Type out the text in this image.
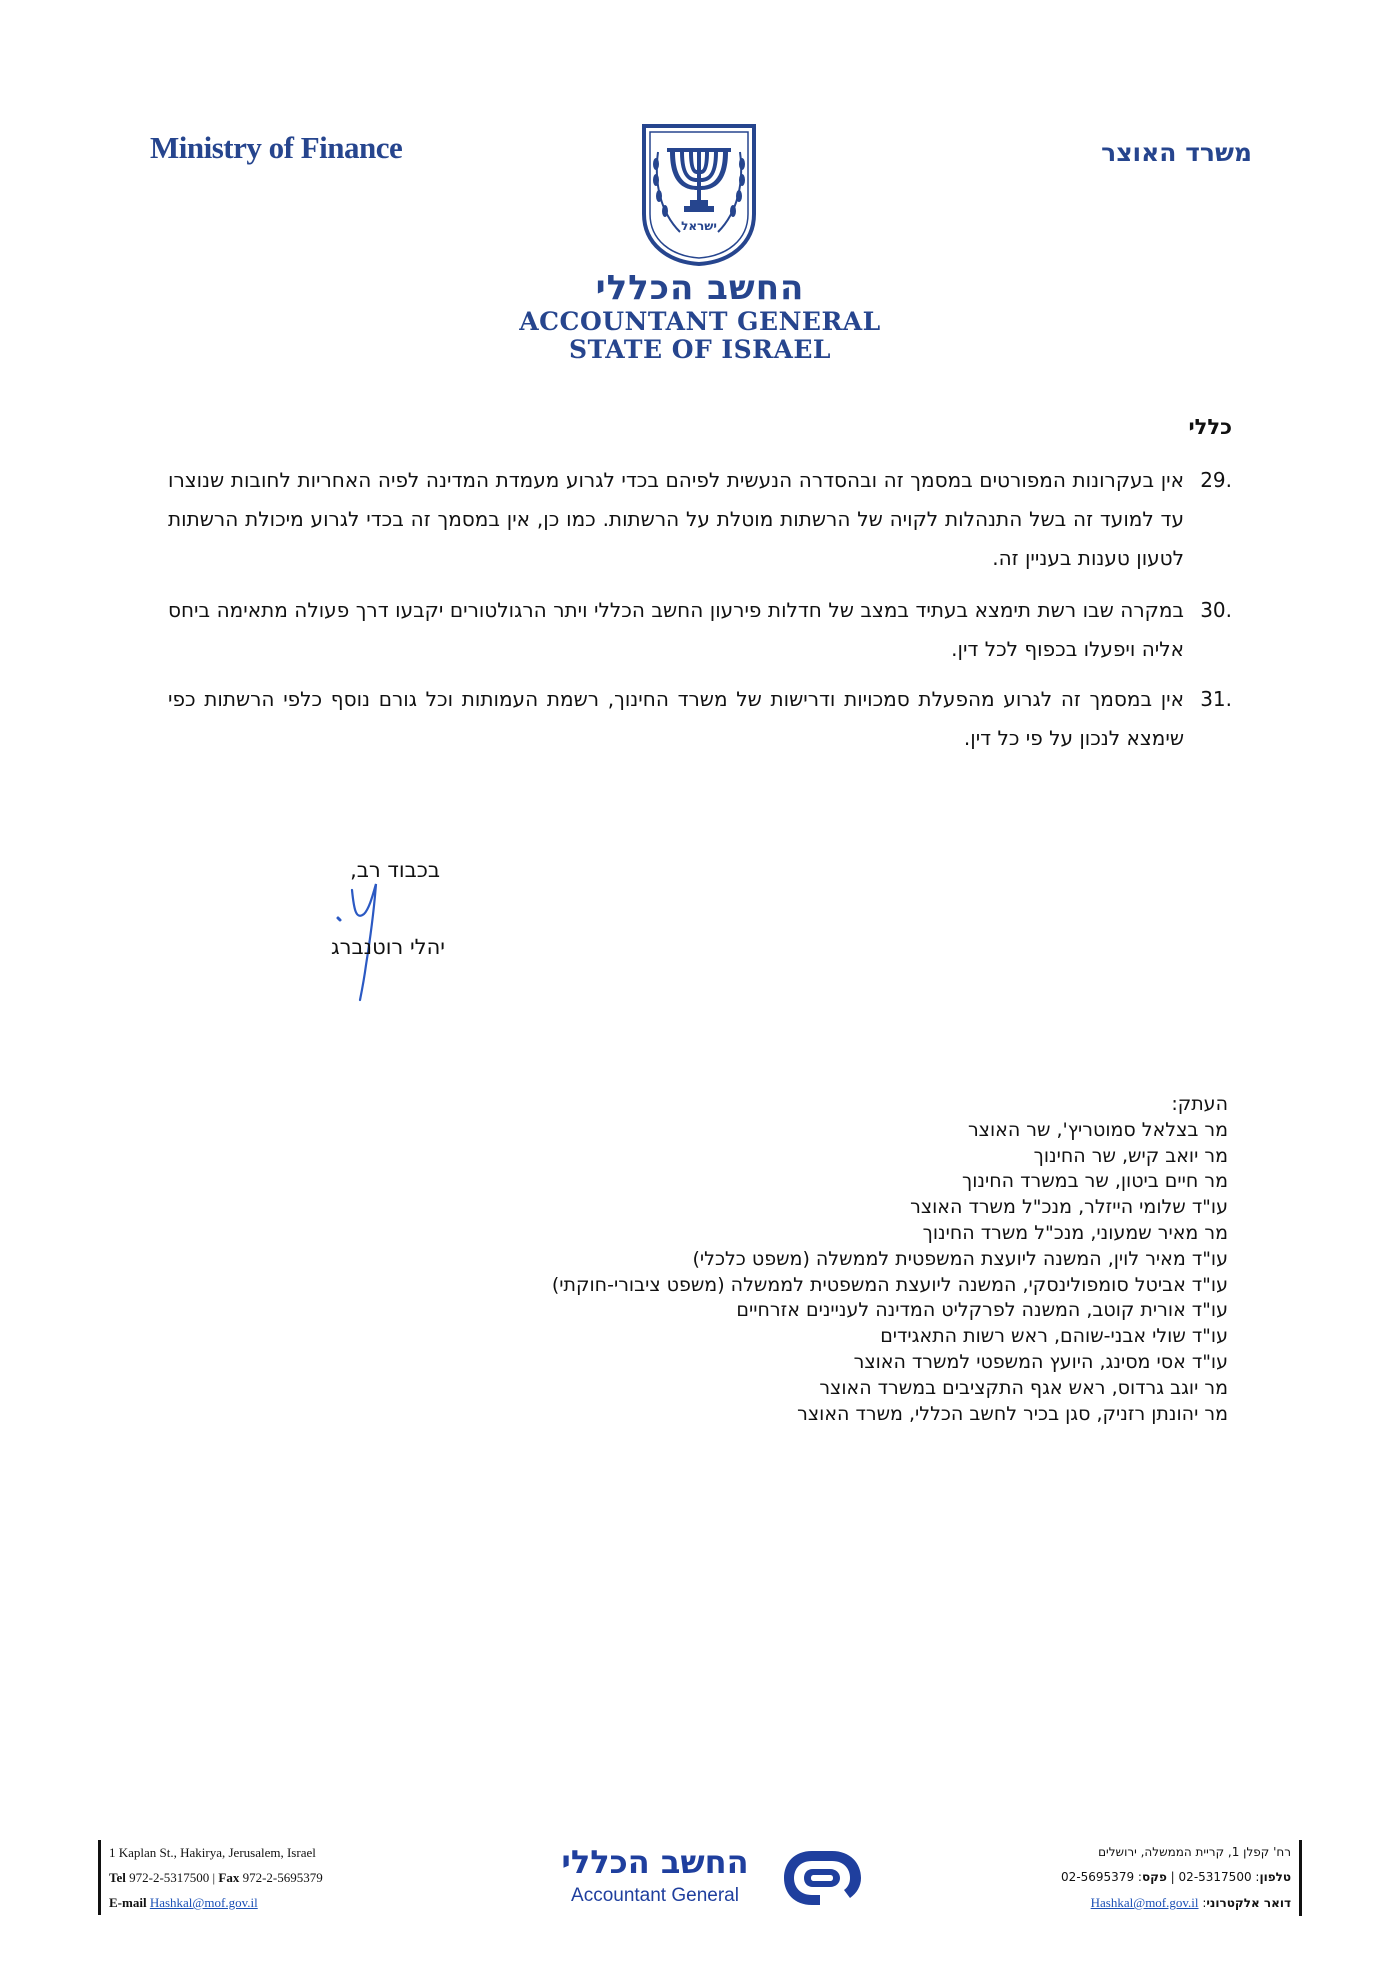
Ministry of Finance	משרד האוצר
ישראל
החשב הכללי
ACCOUNTANT GENERAL
STATE OF ISRAEL
כללי
29.
אין בעקרונות המפורטים במסמך זה ובהסדרה הנעשית לפיהם בכדי לגרוע מעמדת המדינה לפיה האחריות לחובות שנוצרו עד למועד זה בשל התנהלות לקויה של הרשתות מוטלת על הרשתות. כמו כן, אין במסמך זה בכדי לגרוע מיכולת הרשתות לטעון טענות בעניין זה.
30.
במקרה שבו רשת תימצא בעתיד במצב של חדלות פירעון החשב הכללי ויתר הרגולטורים יקבעו דרך פעולה מתאימה ביחס אליה ויפעלו בכפוף לכל דין.
31.
אין במסמך זה לגרוע מהפעלת סמכויות ודרישות של משרד החינוך, רשמת העמותות וכל גורם נוסף כלפי הרשתות כפי שימצא לנכון על פי כל דין.
בכבוד רב,
יהלי רוטנברג
העתק:
מר בצלאל סמוטריץ', שר האוצר
מר יואב קיש, שר החינוך
מר חיים ביטון, שר במשרד החינוך
עו"ד שלומי הייזלר, מנכ"ל משרד האוצר
מר מאיר שמעוני, מנכ"ל משרד החינוך
עו"ד מאיר לוין, המשנה ליועצת המשפטית לממשלה (משפט כלכלי)
עו"ד אביטל סומפולינסקי, המשנה ליועצת המשפטית לממשלה (משפט ציבורי-חוקתי)
עו"ד אורית קוטב, המשנה לפרקליט המדינה לעניינים אזרחיים
עו"ד שולי אבני-שוהם, ראש רשות התאגידים
עו"ד אסי מסינג, היועץ המשפטי למשרד האוצר
מר יוגב גרדוס, ראש אגף התקציבים במשרד האוצר
מר יהונתן רזניק, סגן בכיר לחשב הכללי, משרד האוצר
1 Kaplan St., Hakirya, Jerusalem, Israel
Tel 972-2-5317500 | Fax 972-2-5695379
E-mail Hashkal@mof.gov.il
החשב הכללי
Accountant General
רח' קפלן 1, קריית הממשלה, ירושלים
טלפון: 02-5317500 | פקס: 02-5695379
דואר אלקטרוני: Hashkal@mof.gov.il
